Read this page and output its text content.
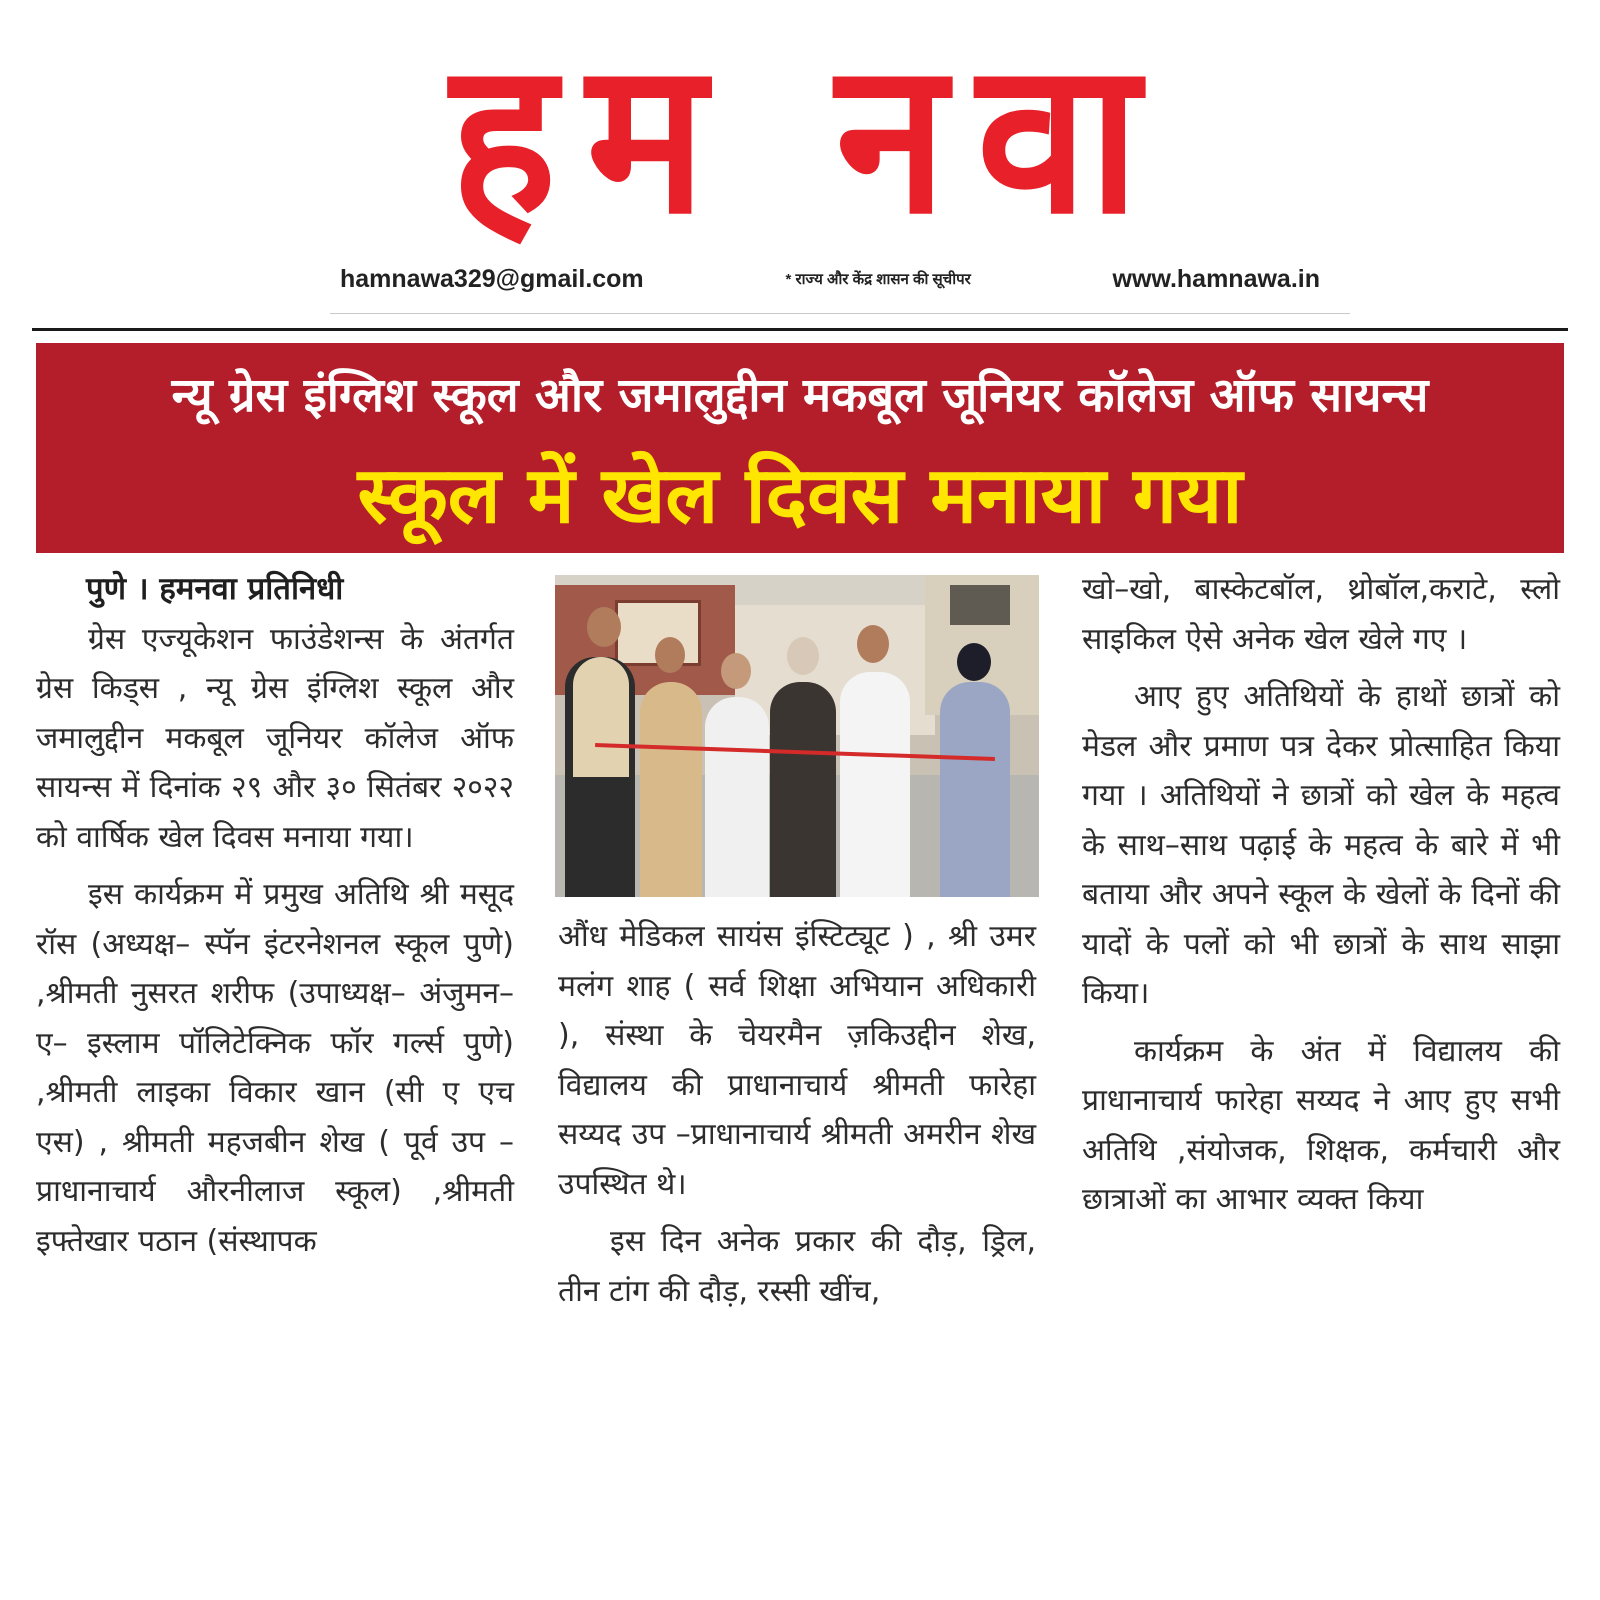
हम नवा
hamnawa329@gmail.com	* राज्य और केंद्र शासन की सूचीपर	www.hamnawa.in
न्यू ग्रेस इंग्लिश स्कूल और जमालुद्दीन मकबूल जूनियर कॉलेज ऑफ सायन्स
स्कूल में खेल दिवस मनाया गया

पुणे । हमनवा प्रतिनिधी

ग्रेस एज्यूकेशन फाउंडेशन्स के अंतर्गत ग्रेस किड्स , न्यू ग्रेस इंग्लिश स्कूल और जमालुद्दीन मकबूल जूनियर कॉलेज ऑफ सायन्स में दिनांक २९ और ३० सितंबर २०२२ को वार्षिक खेल दिवस मनाया गया।

इस कार्यक्रम में प्रमुख अतिथि श्री मसूद रॉस (अध्यक्ष– स्पॅन इंटरनेशनल स्कूल पुणे) ,श्रीमती नुसरत शरीफ (उपाध्यक्ष– अंजुमन–ए– इस्लाम पॉलिटेक्निक फॉर गर्ल्स पुणे) ,श्रीमती लाइका विकार खान (सी ए एच एस) , श्रीमती महजबीन शेख ( पूर्व उप –प्राधानाचार्य औरनीलाज स्कूल) ,श्रीमती इफ्तेखार पठान (संस्थापक

औंध मेडिकल सायंस इंस्टिट्यूट ) , श्री उमर मलंग शाह ( सर्व शिक्षा अभियान अधिकारी ), संस्था के चेयरमैन ज़किउद्दीन शेख, विद्यालय की प्राधानाचार्य श्रीमती फारेहा सय्यद उप –प्राधानाचार्य श्रीमती अमरीन शेख उपस्थित थे।

इस दिन अनेक प्रकार की दौड़, ड्रिल, तीन टांग की दौड़, रस्सी खींच,

खो–खो, बास्केटबॉल, थ्रोबॉल,कराटे, स्लो साइकिल ऐसे अनेक खेल खेले गए ।

आए हुए अतिथियों के हाथों छात्रों को मेडल और प्रमाण पत्र देकर प्रोत्साहित किया गया । अतिथियों ने छात्रों को खेल के महत्व के साथ–साथ पढ़ाई के महत्व के बारे में भी बताया और अपने स्कूल के खेलों के दिनों की यादों के पलों को भी छात्रों के साथ साझा किया।

कार्यक्रम के अंत में विद्यालय की प्राधानाचार्य फारेहा सय्यद ने आए हुए सभी अतिथि ,संयोजक, शिक्षक, कर्मचारी और छात्राओं का आभार व्यक्त किया
